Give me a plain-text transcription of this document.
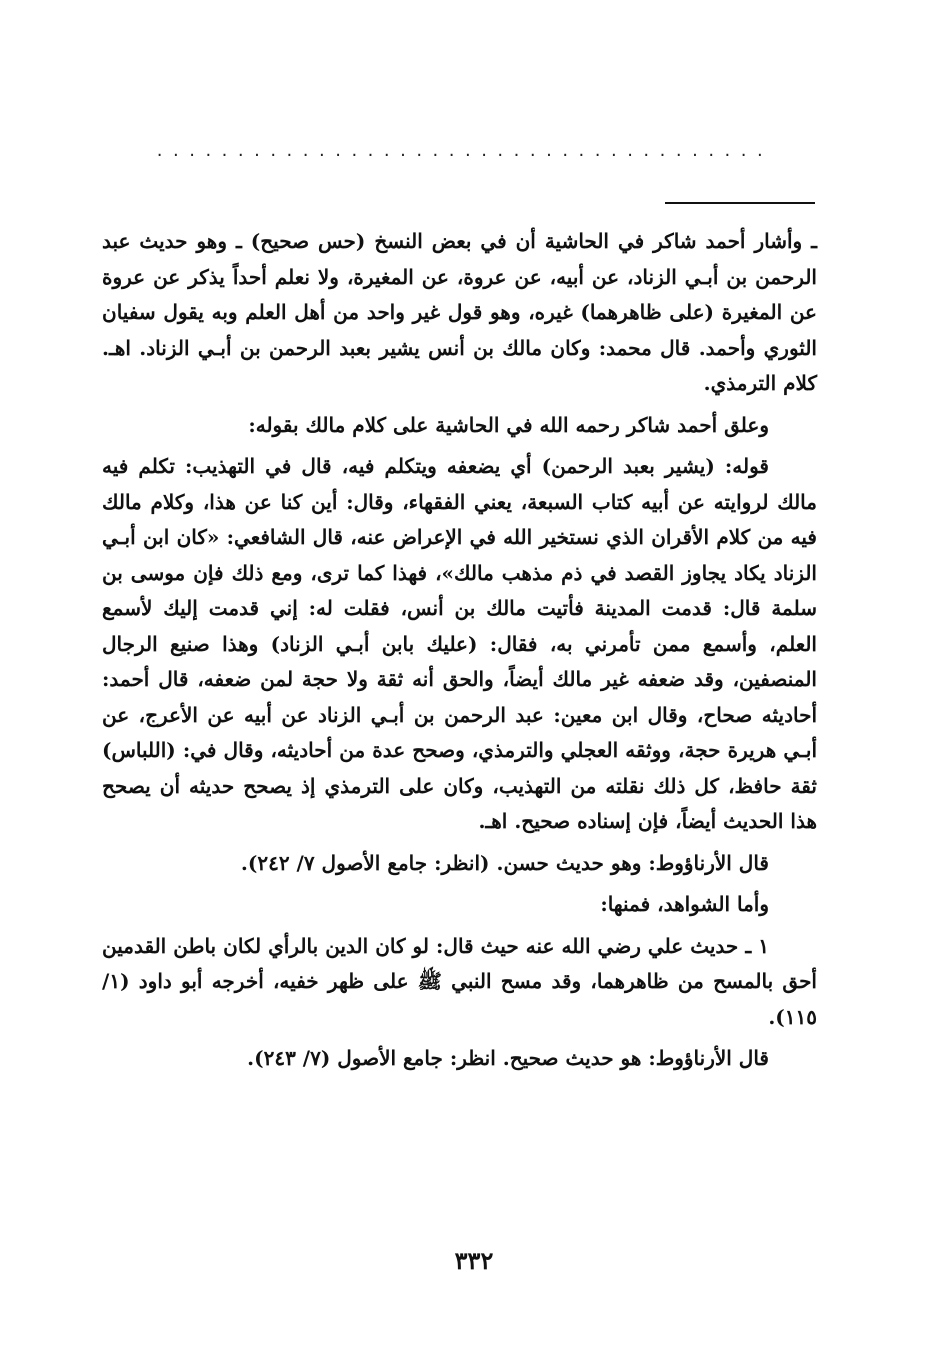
......................................

ـ وأشار أحمد شاكر في الحاشية أن في بعض النسخ (حس صحيح) ـ وهو حديث عبد الرحمن بن أبـي الزناد، عن أبيه، عن عروة، عن المغيرة، ولا نعلم أحداً يذكر عن عروة عن المغيرة (على ظاهرهما) غيره، وهو قول غير واحد من أهل العلم وبه يقول سفيان الثوري وأحمد. قال محمد: وكان مالك بن أنس يشير بعبد الرحمن بن أبـي الزناد. اهـ. كلام الترمذي.

وعلق أحمد شاكر رحمه الله في الحاشية على كلام مالك بقوله:

قوله: (يشير بعبد الرحمن) أي يضعفه ويتكلم فيه، قال في التهذيب: تكلم فيه مالك لروايته عن أبيه كتاب السبعة، يعني الفقهاء، وقال: أين كنا عن هذا، وكلام مالك فيه من كلام الأقران الذي نستخير الله في الإعراض عنه، قال الشافعي: «كان ابن أبـي الزناد يكاد يجاوز القصد في ذم مذهب مالك»، فهذا كما ترى، ومع ذلك فإن موسى بن سلمة قال: قدمت المدينة فأتيت مالك بن أنس، فقلت له: إني قدمت إليك لأسمع العلم، وأسمع ممن تأمرني به، فقال: (عليك بابن أبـي الزناد) وهذا صنيع الرجال المنصفين، وقد ضعفه غير مالك أيضاً، والحق أنه ثقة ولا حجة لمن ضعفه، قال أحمد: أحاديثه صحاح، وقال ابن معين: عبد الرحمن بن أبـي الزناد عن أبيه عن الأعرج، عن أبـي هريرة حجة، ووثقه العجلي والترمذي، وصحح عدة من أحاديثه، وقال في: (اللباس) ثقة حافظ، كل ذلك نقلته من التهذيب، وكان على الترمذي إذ يصحح حديثه أن يصحح هذا الحديث أيضاً، فإن إسناده صحيح. اهـ.

قال الأرناؤوط: وهو حديث حسن. (انظر: جامع الأصول ٧/ ٢٤٢).

وأما الشواهد، فمنها:

١ ـ حديث علي رضي الله عنه حيث قال: لو كان الدين بالرأي لكان باطن القدمين أحق بالمسح من ظاهرهما، وقد مسح النبي ﷺ على ظهر خفيه، أخرجه أبو داود (١/ ١١٥).

قال الأرناؤوط: هو حديث صحيح. انظر: جامع الأصول (٧/ ٢٤٣).

٣٣٢
